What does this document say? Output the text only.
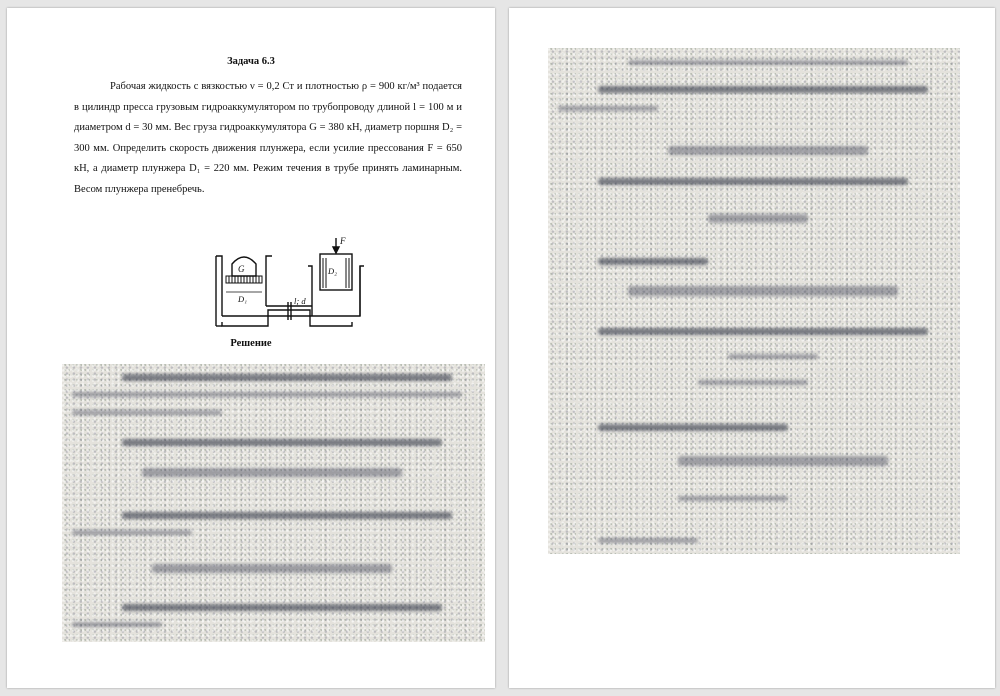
Задача 6.3
Рабочая жидкость с вязкостью ν = 0,2 Ст и плотностью ρ = 900 кг/м³ подается в цилиндр пресса грузовым гидроаккумулятором по трубопроводу длиной l = 100 м и диаметром d = 30 мм. Вес груза гидроаккумулятора G = 380 кН, диаметр поршня D₂ = 300 мм. Определить скорость движения плунжера, если усилие прессования F = 650 кН, а диаметр плунжера D₁ = 220 мм. Режим течения в трубе принять ламинарным. Весом плунжера пренебречь.
G
D₁
D₂
F
l; d
Решение
